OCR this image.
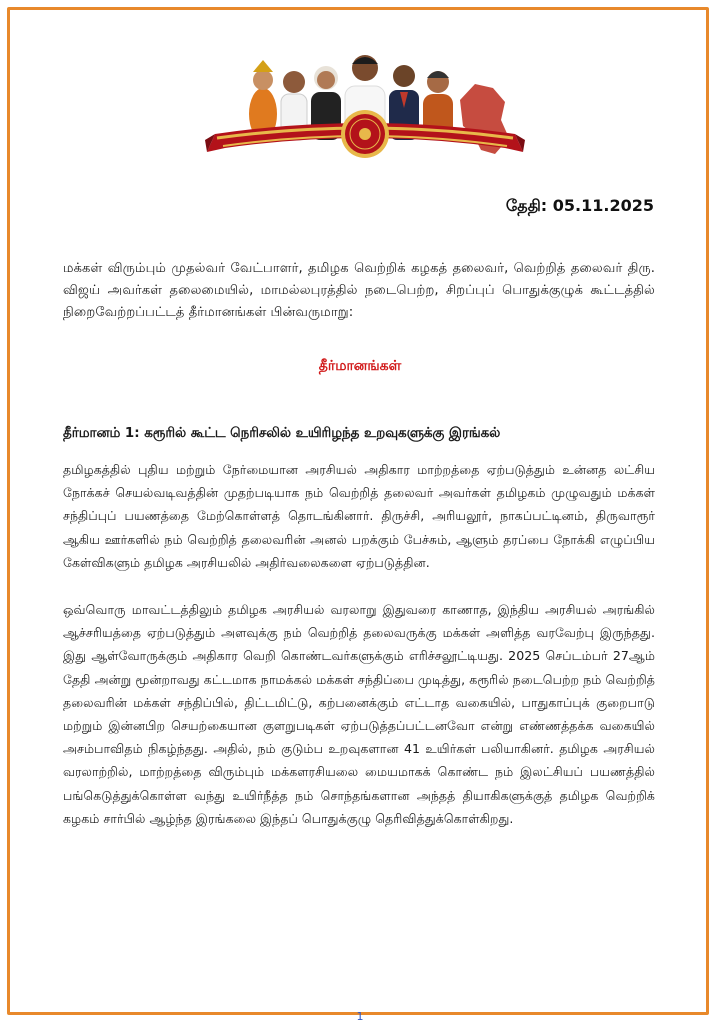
தேதி: 05.11.2025
மக்கள் விரும்பும் முதல்வர் வேட்பாளர், தமிழக வெற்றிக் கழகத் தலைவர், வெற்றித் தலைவர் திரு. விஜய் அவர்கள் தலைமையில், மாமல்லபுரத்தில் நடைபெற்ற, சிறப்புப் பொதுக்குழுக் கூட்டத்தில் நிறைவேற்றப்பட்டத் தீர்மானங்கள் பின்வருமாறு:
தீர்மானங்கள்
தீர்மானம் 1: கரூரில் கூட்ட நெரிசலில் உயிரிழந்த உறவுகளுக்கு இரங்கல்
தமிழகத்தில் புதிய மற்றும் நேர்மையான அரசியல் அதிகார மாற்றத்தை ஏற்படுத்தும் உன்னத லட்சிய நோக்கச் செயல்வடிவத்தின் முதற்படியாக நம் வெற்றித் தலைவர் அவர்கள் தமிழகம் முழுவதும் மக்கள் சந்திப்புப் பயணத்தை மேற்கொள்ளத் தொடங்கினார். திருச்சி, அரியலூர், நாகப்பட்டினம், திருவாரூர் ஆகிய ஊர்களில் நம் வெற்றித் தலைவரின் அனல் பறக்கும் பேச்சும், ஆளும் தரப்பை நோக்கி எழுப்பிய கேள்விகளும் தமிழக அரசியலில் அதிர்வலைகளை ஏற்படுத்தின.
ஒவ்வொரு மாவட்டத்திலும் தமிழக அரசியல் வரலாறு இதுவரை காணாத, இந்திய அரசியல் அரங்கில் ஆச்சரியத்தை ஏற்படுத்தும் அளவுக்கு நம் வெற்றித் தலைவருக்கு மக்கள் அளித்த வரவேற்பு இருந்தது. இது ஆள்வோருக்கும் அதிகார வெறி கொண்டவர்களுக்கும் எரிச்சலூட்டியது. 2025 செப்டம்பர் 27ஆம் தேதி அன்று மூன்றாவது கட்டமாக நாமக்கல் மக்கள் சந்திப்பை முடித்து, கரூரில் நடைபெற்ற நம் வெற்றித் தலைவரின் மக்கள் சந்திப்பில், திட்டமிட்டு, கற்பனைக்கும் எட்டாத வகையில், பாதுகாப்புக் குறைபாடு மற்றும் இன்னபிற செயற்கையான குளறுபடிகள் ஏற்படுத்தப்பட்டனவோ என்று எண்ணத்தக்க வகையில் அசம்பாவிதம் நிகழ்ந்தது. அதில், நம் குடும்ப உறவுகளான 41 உயிர்கள் பலியாகினர். தமிழக அரசியல் வரலாற்றில், மாற்றத்தை விரும்பும் மக்களரசியலை மையமாகக் கொண்ட நம் இலட்சியப் பயணத்தில் பங்கெடுத்துக்கொள்ள வந்து உயிர்நீத்த நம் சொந்தங்களான அந்தத் தியாகிகளுக்குத் தமிழக வெற்றிக் கழகம் சார்பில் ஆழ்ந்த இரங்கலை இந்தப் பொதுக்குழு தெரிவித்துக்கொள்கிறது.
1
